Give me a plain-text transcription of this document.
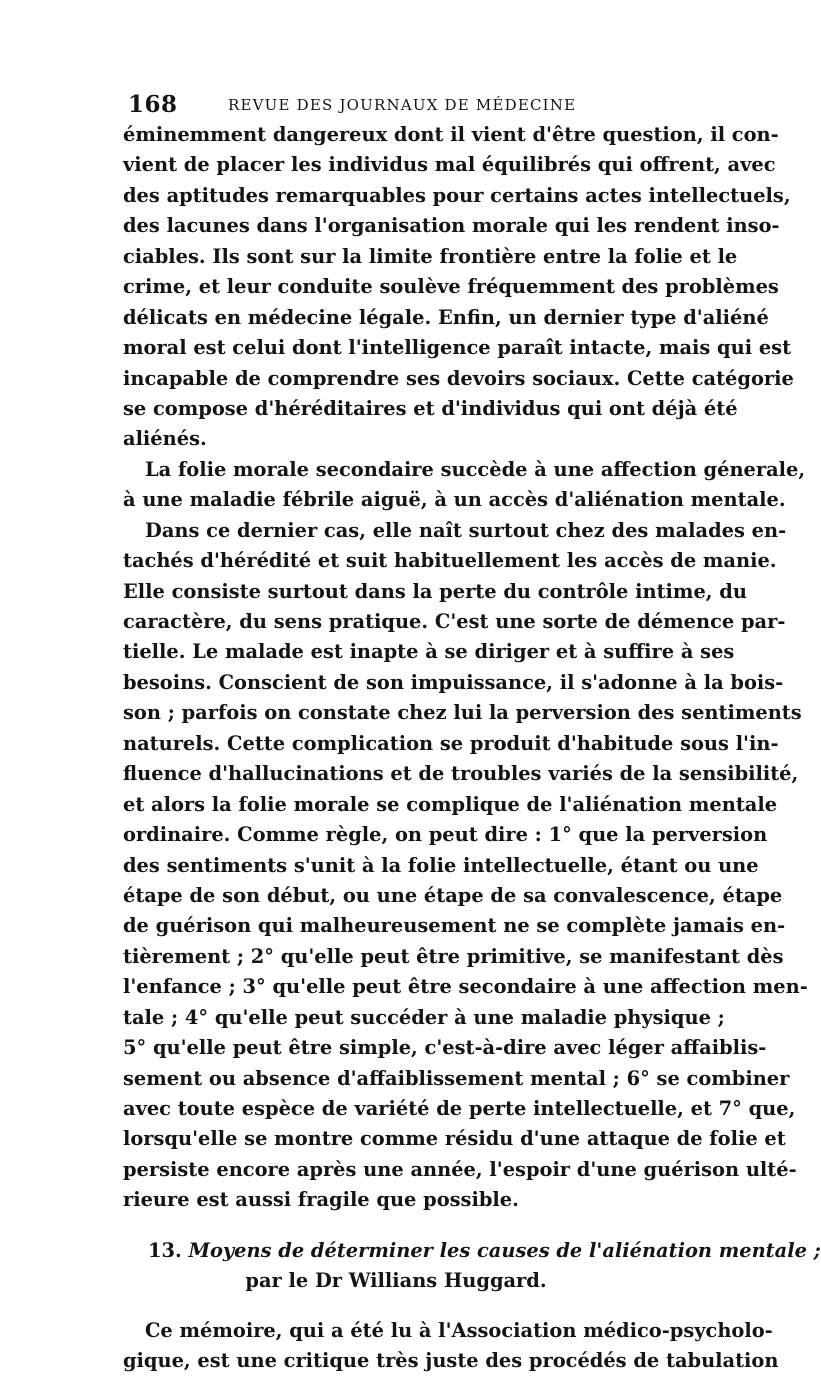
168	REVUE DES JOURNAUX DE MÉDECINE
éminemment dangereux dont il vient d'être question, il con-
vient de placer les individus mal équilibrés qui offrent, avec
des aptitudes remarquables pour certains actes intellectuels,
des lacunes dans l'organisation morale qui les rendent inso-
ciables. Ils sont sur la limite frontière entre la folie et le
crime, et leur conduite soulève fréquemment des problèmes
délicats en médecine légale. Enfin, un dernier type d'aliéné
moral est celui dont l'intelligence paraît intacte, mais qui est
incapable de comprendre ses devoirs sociaux. Cette catégorie
se compose d'héréditaires et d'individus qui ont déjà été
aliénés.
La folie morale secondaire succède à une affection génerale,
à une maladie fébrile aiguë, à un accès d'aliénation mentale.
Dans ce dernier cas, elle naît surtout chez des malades en-
tachés d'hérédité et suit habituellement les accès de manie.
Elle consiste surtout dans la perte du contrôle intime, du
caractère, du sens pratique. C'est une sorte de démence par-
tielle. Le malade est inapte à se diriger et à suffire à ses
besoins. Conscient de son impuissance, il s'adonne à la bois-
son ; parfois on constate chez lui la perversion des sentiments
naturels. Cette complication se produit d'habitude sous l'in-
fluence d'hallucinations et de troubles variés de la sensibilité,
et alors la folie morale se complique de l'aliénation mentale
ordinaire. Comme règle, on peut dire : 1° que la perversion
des sentiments s'unit à la folie intellectuelle, étant ou une
étape de son début, ou une étape de sa convalescence, étape
de guérison qui malheureusement ne se complète jamais en-
tièrement ; 2° qu'elle peut être primitive, se manifestant dès
l'enfance ; 3° qu'elle peut être secondaire à une affection men-
tale ; 4° qu'elle peut succéder à une maladie physique ;
5° qu'elle peut être simple, c'est-à-dire avec léger affaiblis-
sement ou absence d'affaiblissement mental ; 6° se combiner
avec toute espèce de variété de perte intellectuelle, et 7° que,
lorsqu'elle se montre comme résidu d'une attaque de folie et
persiste encore après une année, l'espoir d'une guérison ulté-
rieure est aussi fragile que possible.
13. Moyens de déterminer les causes de l'aliénation mentale ;
par le Dr Willians Huggard.
Ce mémoire, qui a été lu à l'Association médico-psycholo-
gique, est une critique très juste des procédés de tabulation
